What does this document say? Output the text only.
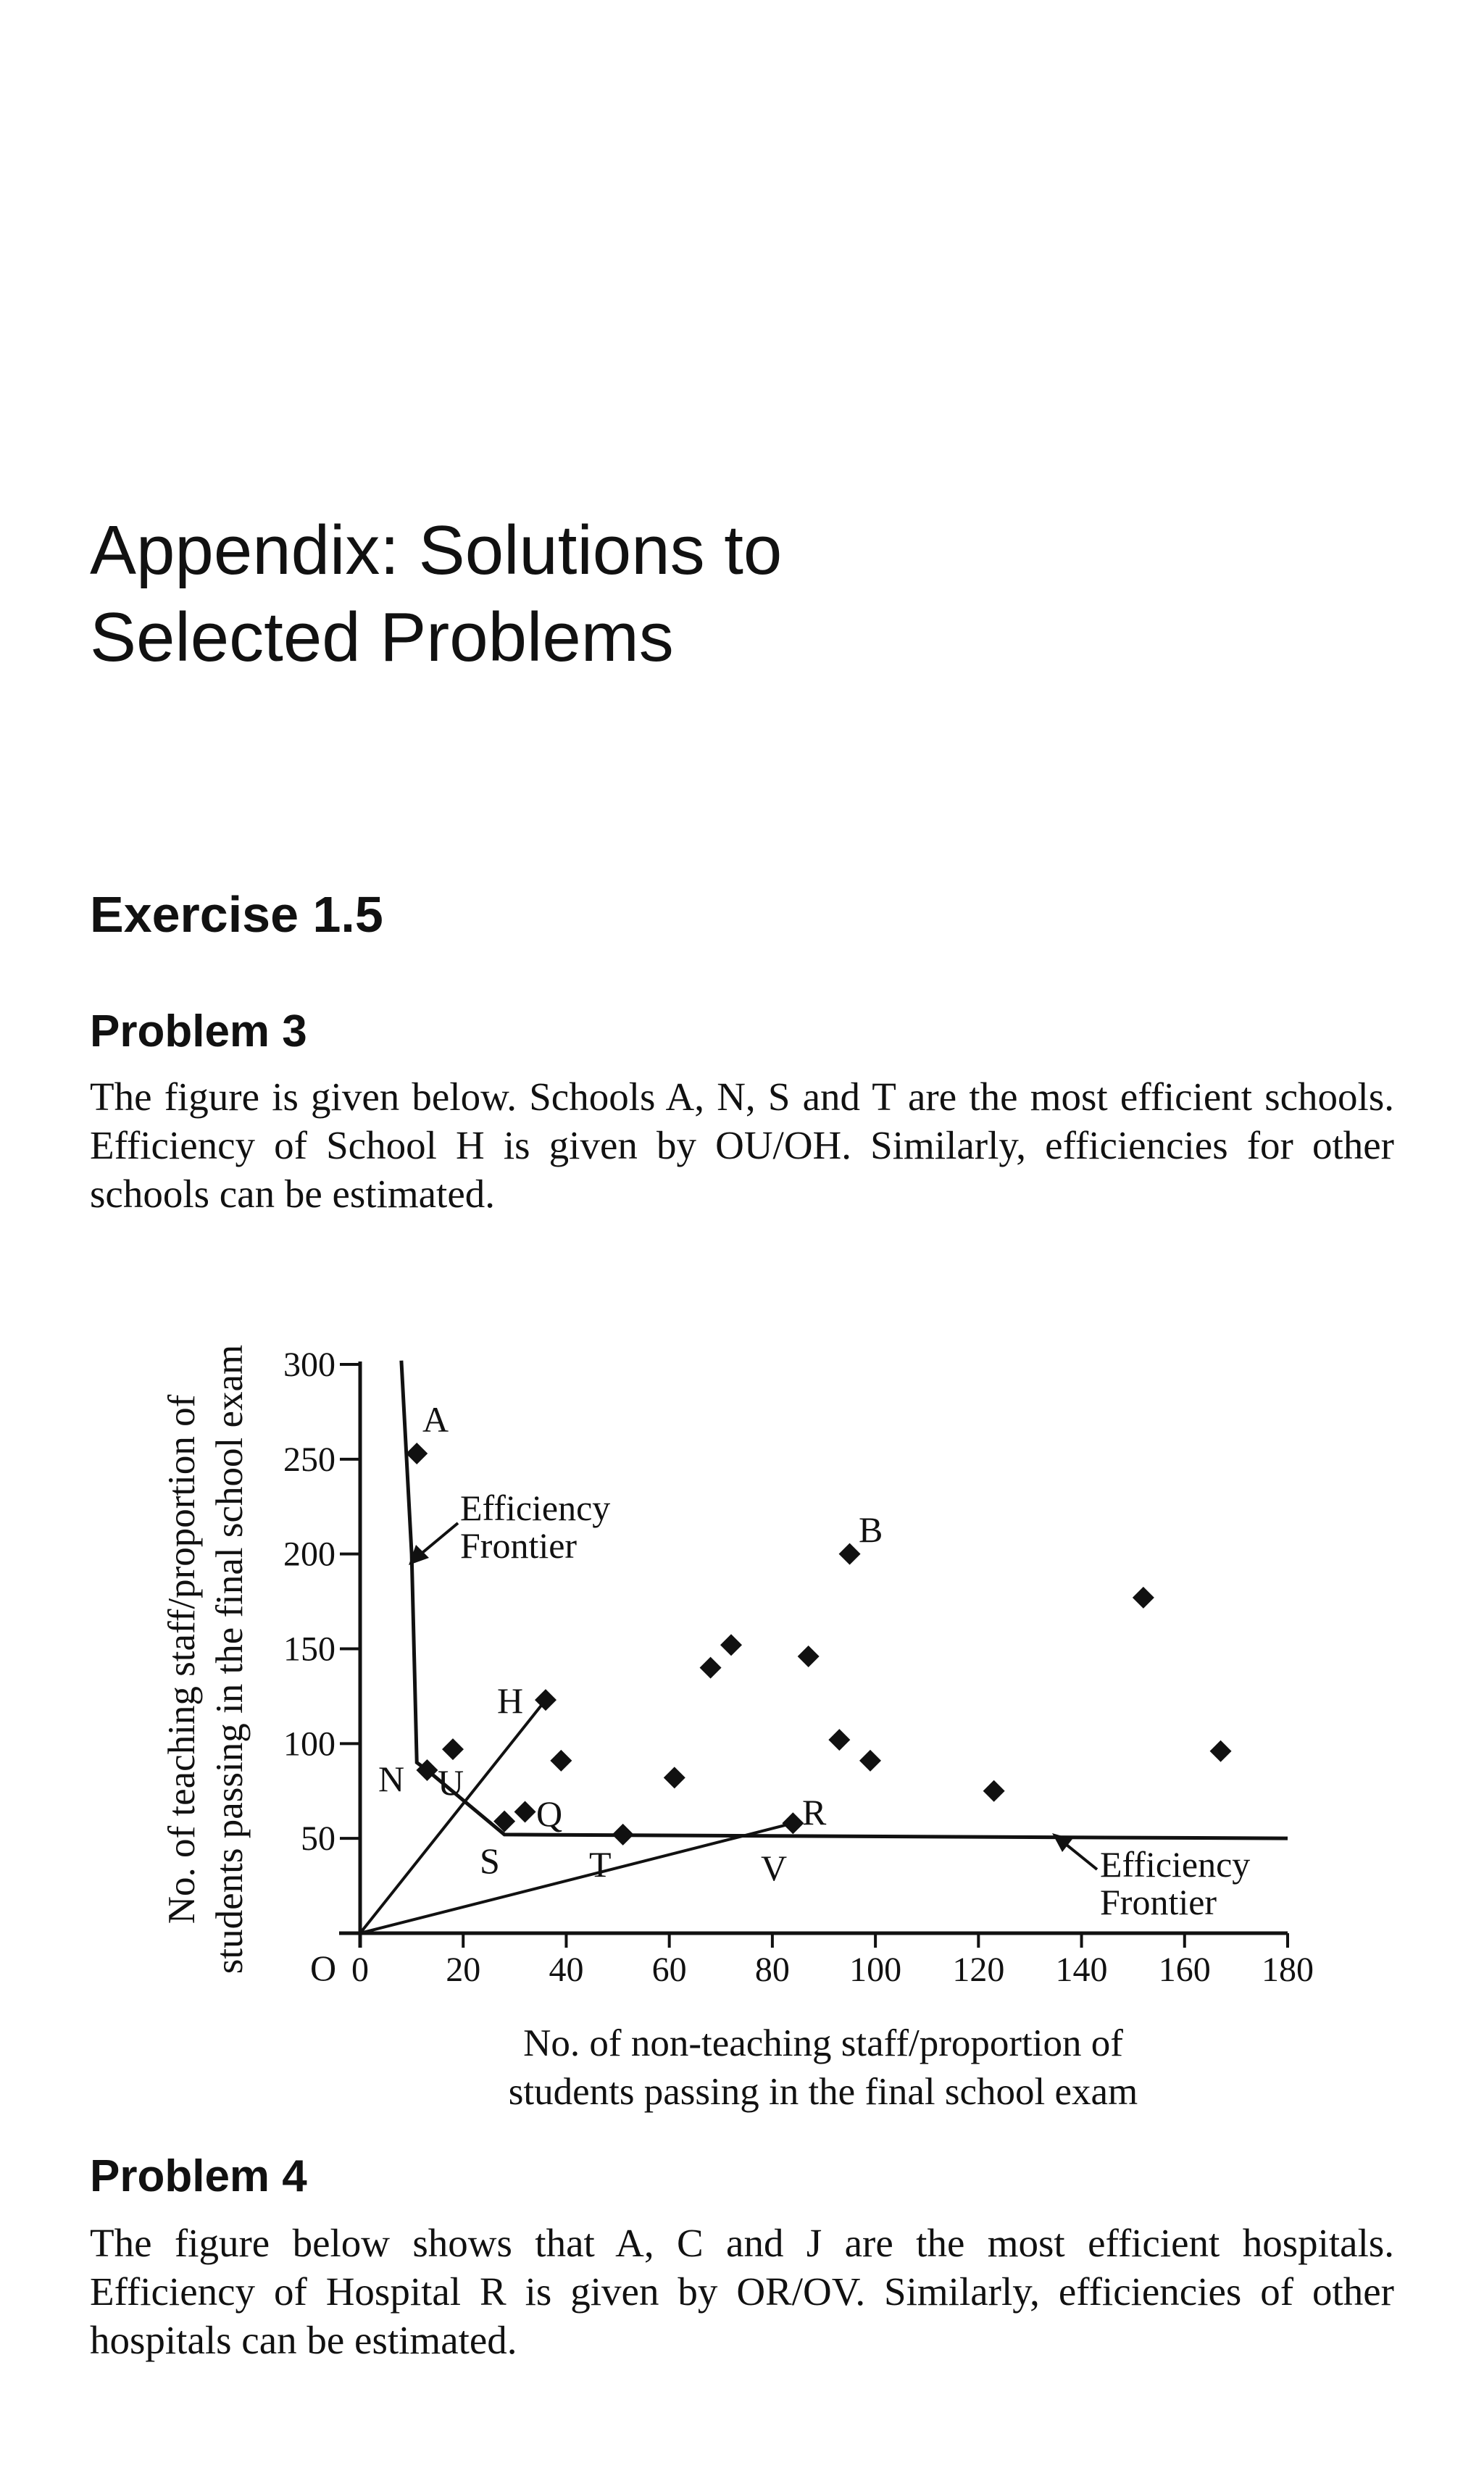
Appendix: Solutions to
Selected Problems
Exercise 1.5
Problem 3

The figure is given below. Schools A, N, S and T are the most efficient schools. Efficiency of School H is given by OU/OH. Similarly, efficiencies for other schools can be estimated.

0 20 40 60 80 100 120 140 160 180
50
100
150
200
250
300
A
N U
S
Q
H
T
R
B
V
Efficiency
Frontier
Efficiency
Frontier
No. of teaching staff/proportion of students passing in the final school exam
No. of non-teaching staff/proportion of
students passing in the final school exam
O
Problem 4

The figure below shows that A, C and J are the most efficient hospitals. Efficiency of Hospital R is given by OR/OV. Similarly, efficiencies of other hospitals can be estimated.
